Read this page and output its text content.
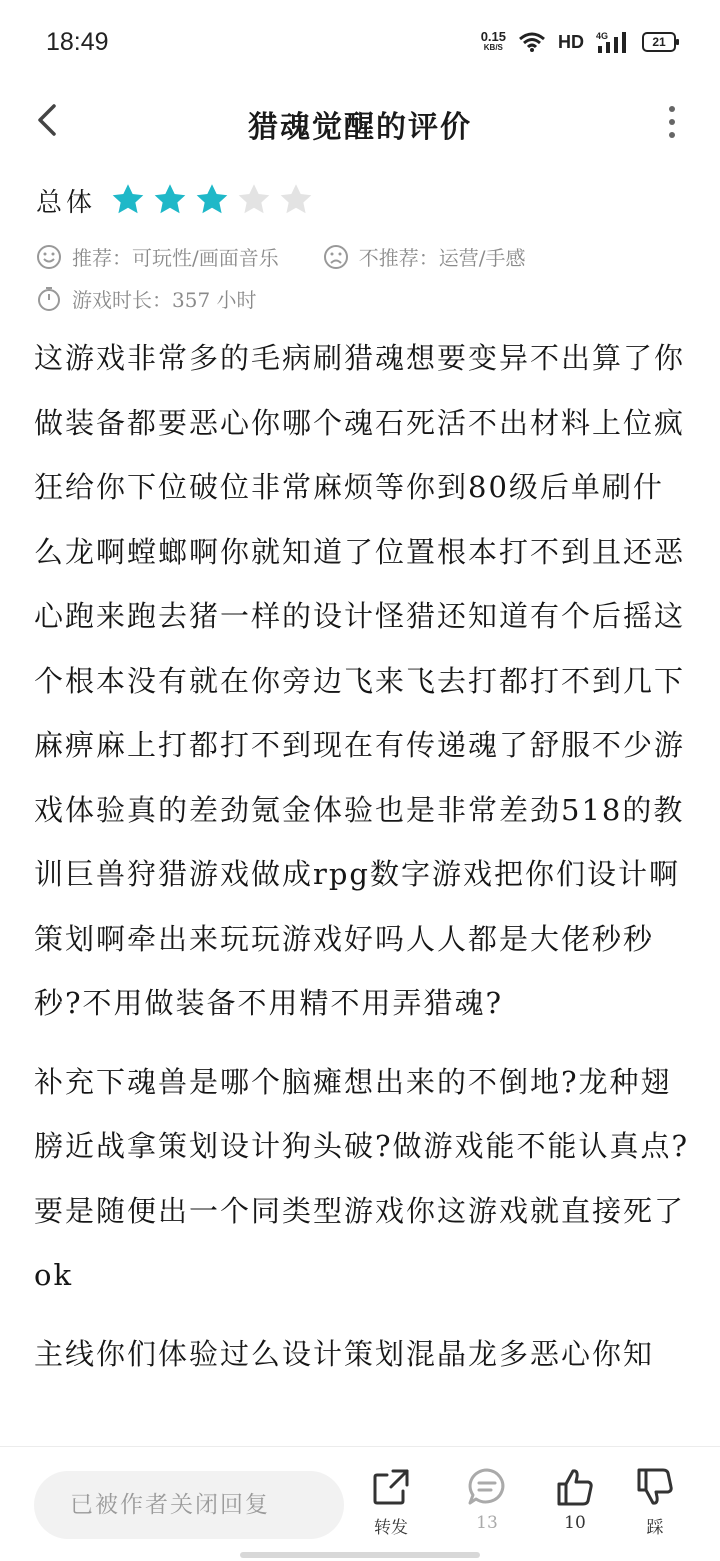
18:49	0.15
KB/S	HD 4G	21
猎魂觉醒的评价
总体
推荐：可玩性/画面音乐	不推荐：运营/手感
游戏时长：357 小时

这游戏非常多的毛病刷猎魂想要变异不出算了你做装备都要恶心你哪个魂石死活不出材料上位疯狂给你下位破位非常麻烦等你到80级后单刷什么龙啊螳螂啊你就知道了位置根本打不到且还恶心跑来跑去猪一样的设计怪猎还知道有个后摇这个根本没有就在你旁边飞来飞去打都打不到几下麻痹麻上打都打不到现在有传递魂了舒服不少游戏体验真的差劲氪金体验也是非常差劲518的教训巨兽狩猎游戏做成rpg数字游戏把你们设计啊策划啊牵出来玩玩游戏好吗人人都是大佬秒秒秒?不用做装备不用精不用弄猎魂?

补充下魂兽是哪个脑瘫想出来的不倒地?龙种翅膀近战拿策划设计狗头破?做游戏能不能认真点?要是随便出一个同类型游戏你这游戏就直接死了ok

主线你们体验过么设计策划混晶龙多恶心你知

已被作者关闭回复
转发	13	10	踩
